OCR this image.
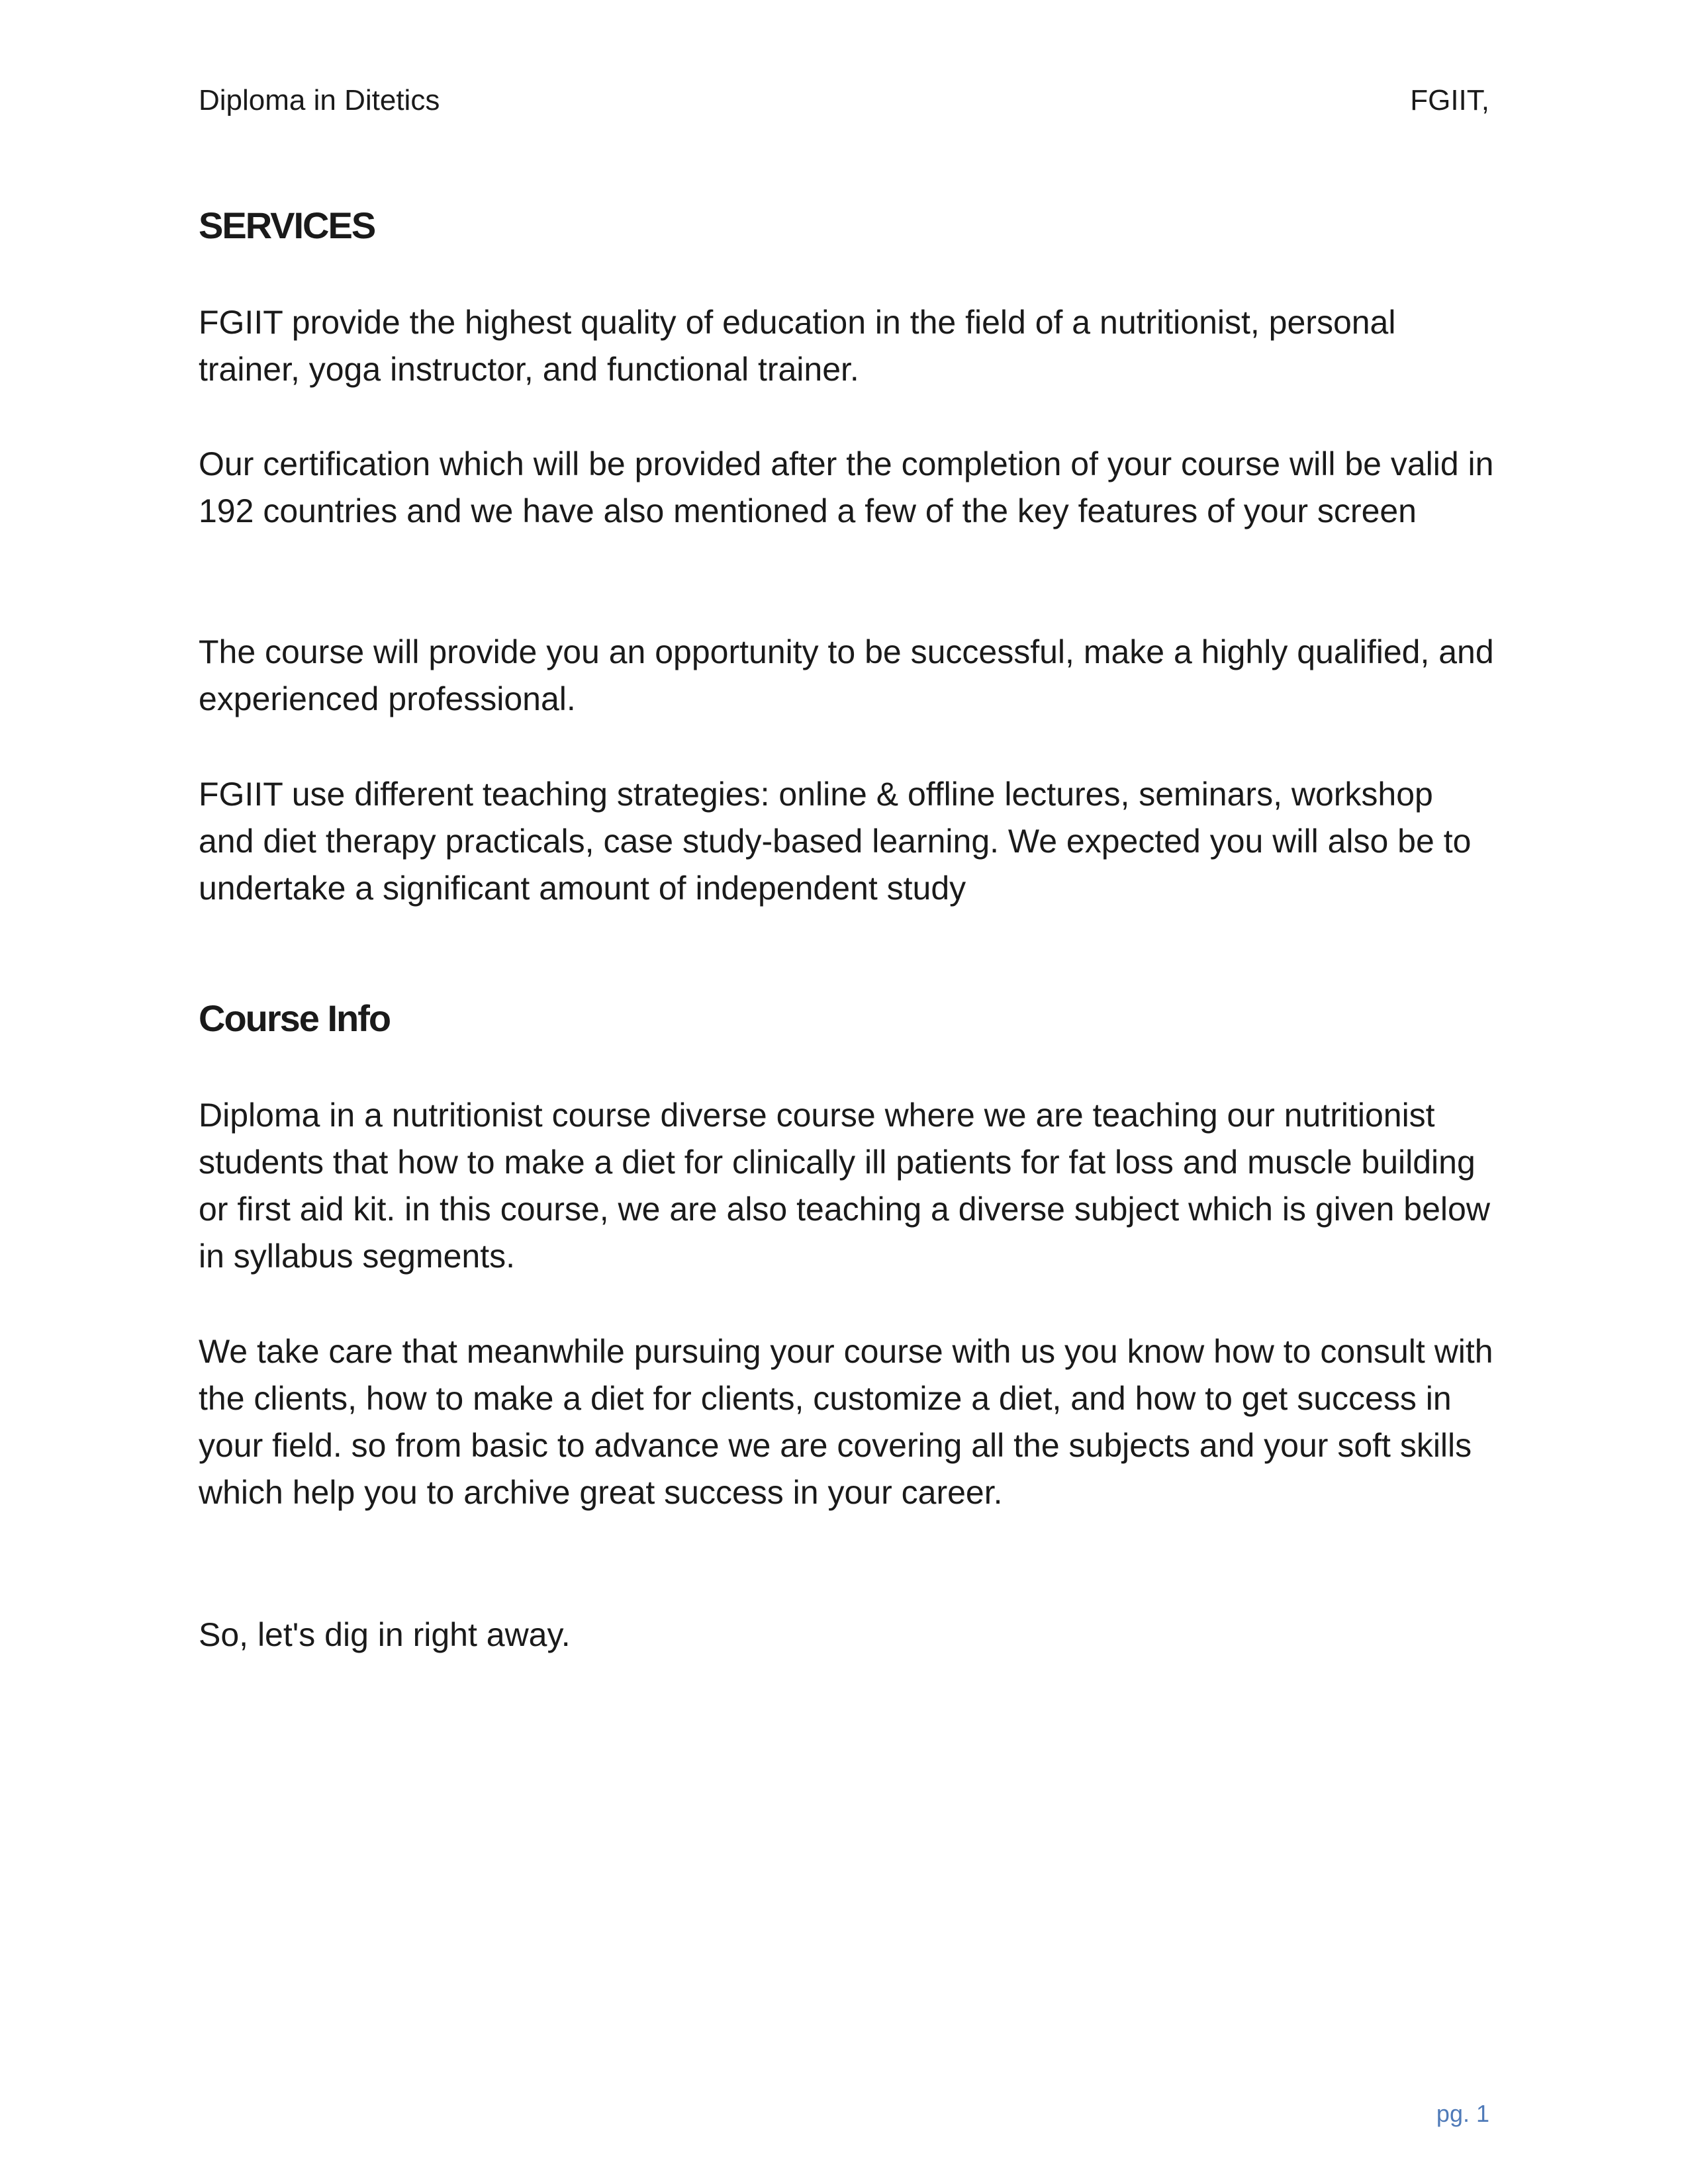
Diploma in Ditetics	FGIIT,
SERVICES
FGIIT provide the highest quality of education in the field of a nutritionist, personal trainer, yoga instructor, and functional trainer.
Our certification which will be provided after the completion of your course will be valid in 192 countries and we have also mentioned a few of the key features of your screen
The course will provide you an opportunity to be successful, make a highly qualified, and experienced professional.
FGIIT use different teaching strategies: online & offline lectures, seminars, workshop and diet therapy practicals, case study-based learning. We expected you will also be to undertake a significant amount of independent study
Course Info
Diploma in a nutritionist course diverse course where we are teaching our nutritionist students that how to make a diet for clinically ill patients for fat loss and muscle building or first aid kit. in this course, we are also teaching a diverse subject which is given below in syllabus segments.
We take care that meanwhile pursuing your course with us you know how to consult with the clients, how to make a diet for clients, customize a diet, and how to get success in your field. so from basic to advance we are covering all the subjects and your soft skills which help you to archive great success in your career.
So, let's dig in right away.
pg. 1
